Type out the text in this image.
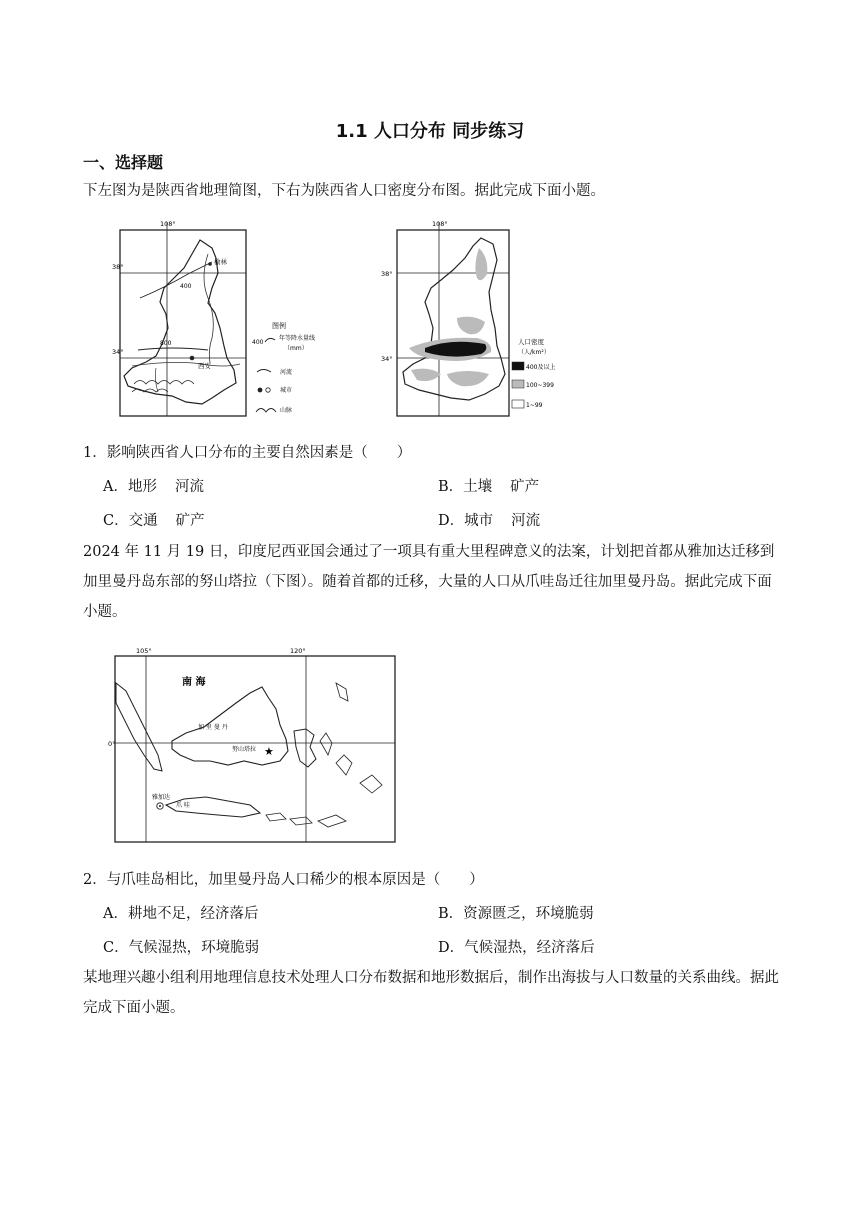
1.1 人口分布 同步练习
一、选择题
下左图为是陕西省地理简图，下右为陕西省人口密度分布图。据此完成下面小题。
108°
38°
34°
400
800
榆林
西安
图例
400
年等降水量线
（mm）
河流
城市
山脉
108°
38°
34°
人口密度
（人/km²）
400及以上
100~399
1~99
1．影响陕西省人口分布的主要自然因素是（　　）
A．地形 河流	B．土壤 矿产
C．交通 矿产	D．城市 河流
2024 年 11 月 19 日，印度尼西亚国会通过了一项具有重大里程碑意义的法案，计划把首都从雅加达迁移到加里曼丹岛东部的努山塔拉（下图）。随着首都的迁移，大量的人口从爪哇岛迁往加里曼丹岛。据此完成下面小题。
105°	120°
0°
南 海
加 里 曼 丹
努山塔拉 ★
雅加达
爪 哇
2．与爪哇岛相比，加里曼丹岛人口稀少的根本原因是（　　）
A．耕地不足，经济落后	B．资源匮乏，环境脆弱
C．气候湿热，环境脆弱	D．气候湿热，经济落后
某地理兴趣小组利用地理信息技术处理人口分布数据和地形数据后，制作出海拔与人口数量的关系曲线。据此完成下面小题。
